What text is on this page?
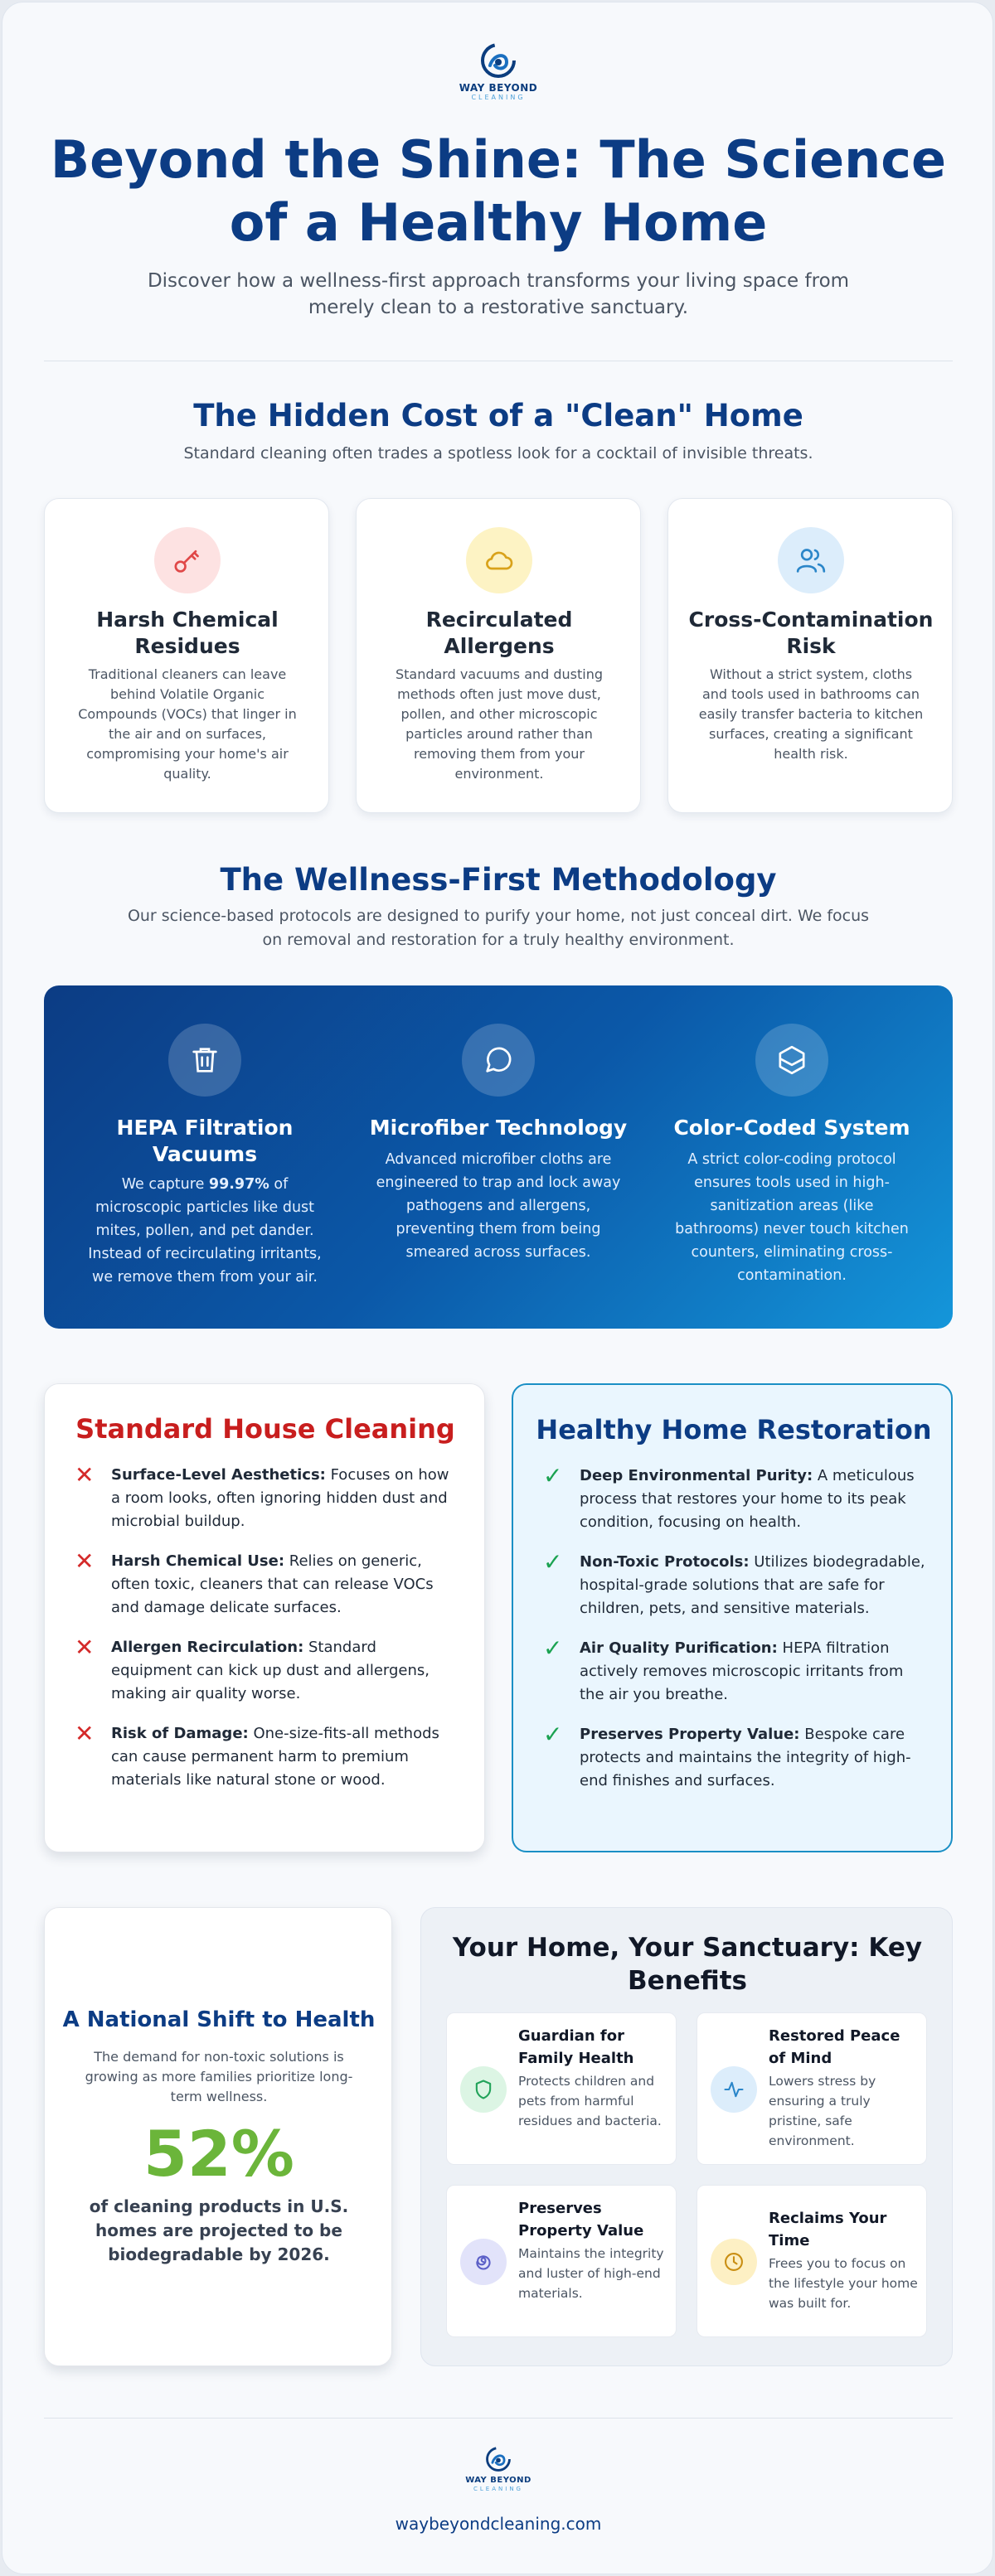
WAY BEYOND
CLEANING
Beyond the Shine: The Science of a Healthy Home

Discover how a wellness-first approach transforms your living space from merely clean to a restorative sanctuary.

The Hidden Cost of a "Clean" Home

Standard cleaning often trades a spotless look for a cocktail of invisible threats.

Harsh Chemical Residues

Traditional cleaners can leave behind Volatile Organic Compounds (VOCs) that linger in the air and on surfaces, compromising your home's air quality.

Recirculated Allergens

Standard vacuums and dusting methods often just move dust, pollen, and other microscopic particles around rather than removing them from your environment.

Cross-Contamination Risk

Without a strict system, cloths and tools used in bathrooms can easily transfer bacteria to kitchen surfaces, creating a significant health risk.

The Wellness-First Methodology

Our science-based protocols are designed to purify your home, not just conceal dirt. We focus on removal and restoration for a truly healthy environment.

HEPA Filtration Vacuums

We capture 99.97% of microscopic particles like dust mites, pollen, and pet dander. Instead of recirculating irritants, we remove them from your air.

Microfiber Technology

Advanced microfiber cloths are engineered to trap and lock away pathogens and allergens, preventing them from being smeared across surfaces.

Color-Coded System

A strict color-coding protocol ensures tools used in high-sanitization areas (like bathrooms) never touch kitchen counters, eliminating cross-contamination.

Standard House Cleaning
✕ Surface-Level Aesthetics: Focuses on how a room looks, often ignoring hidden dust and microbial buildup.
✕ Harsh Chemical Use: Relies on generic, often toxic, cleaners that can release VOCs and damage delicate surfaces.
✕ Allergen Recirculation: Standard equipment can kick up dust and allergens, making air quality worse.
✕ Risk of Damage: One-size-fits-all methods can cause permanent harm to premium materials like natural stone or wood.
Healthy Home Restoration
✓ Deep Environmental Purity: A meticulous process that restores your home to its peak condition, focusing on health.
✓ Non-Toxic Protocols: Utilizes biodegradable, hospital-grade solutions that are safe for children, pets, and sensitive materials.
✓ Air Quality Purification: HEPA filtration actively removes microscopic irritants from the air you breathe.
✓ Preserves Property Value: Bespoke care protects and maintains the integrity of high-end finishes and surfaces.
A National Shift to Health

The demand for non-toxic solutions is growing as more families prioritize long-term wellness.

52%

of cleaning products in U.S. homes are projected to be biodegradable by 2026.

Your Home, Your Sanctuary: Key Benefits
Guardian for Family Health

Protects children and pets from harmful residues and bacteria.

Restored Peace of Mind

Lowers stress by ensuring a truly pristine, safe environment.

Preserves Property Value

Maintains the integrity and luster of high-end materials.

Reclaims Your Time

Frees you to focus on the lifestyle your home was built for.

WAY BEYOND
CLEANING
waybeyondcleaning.com
